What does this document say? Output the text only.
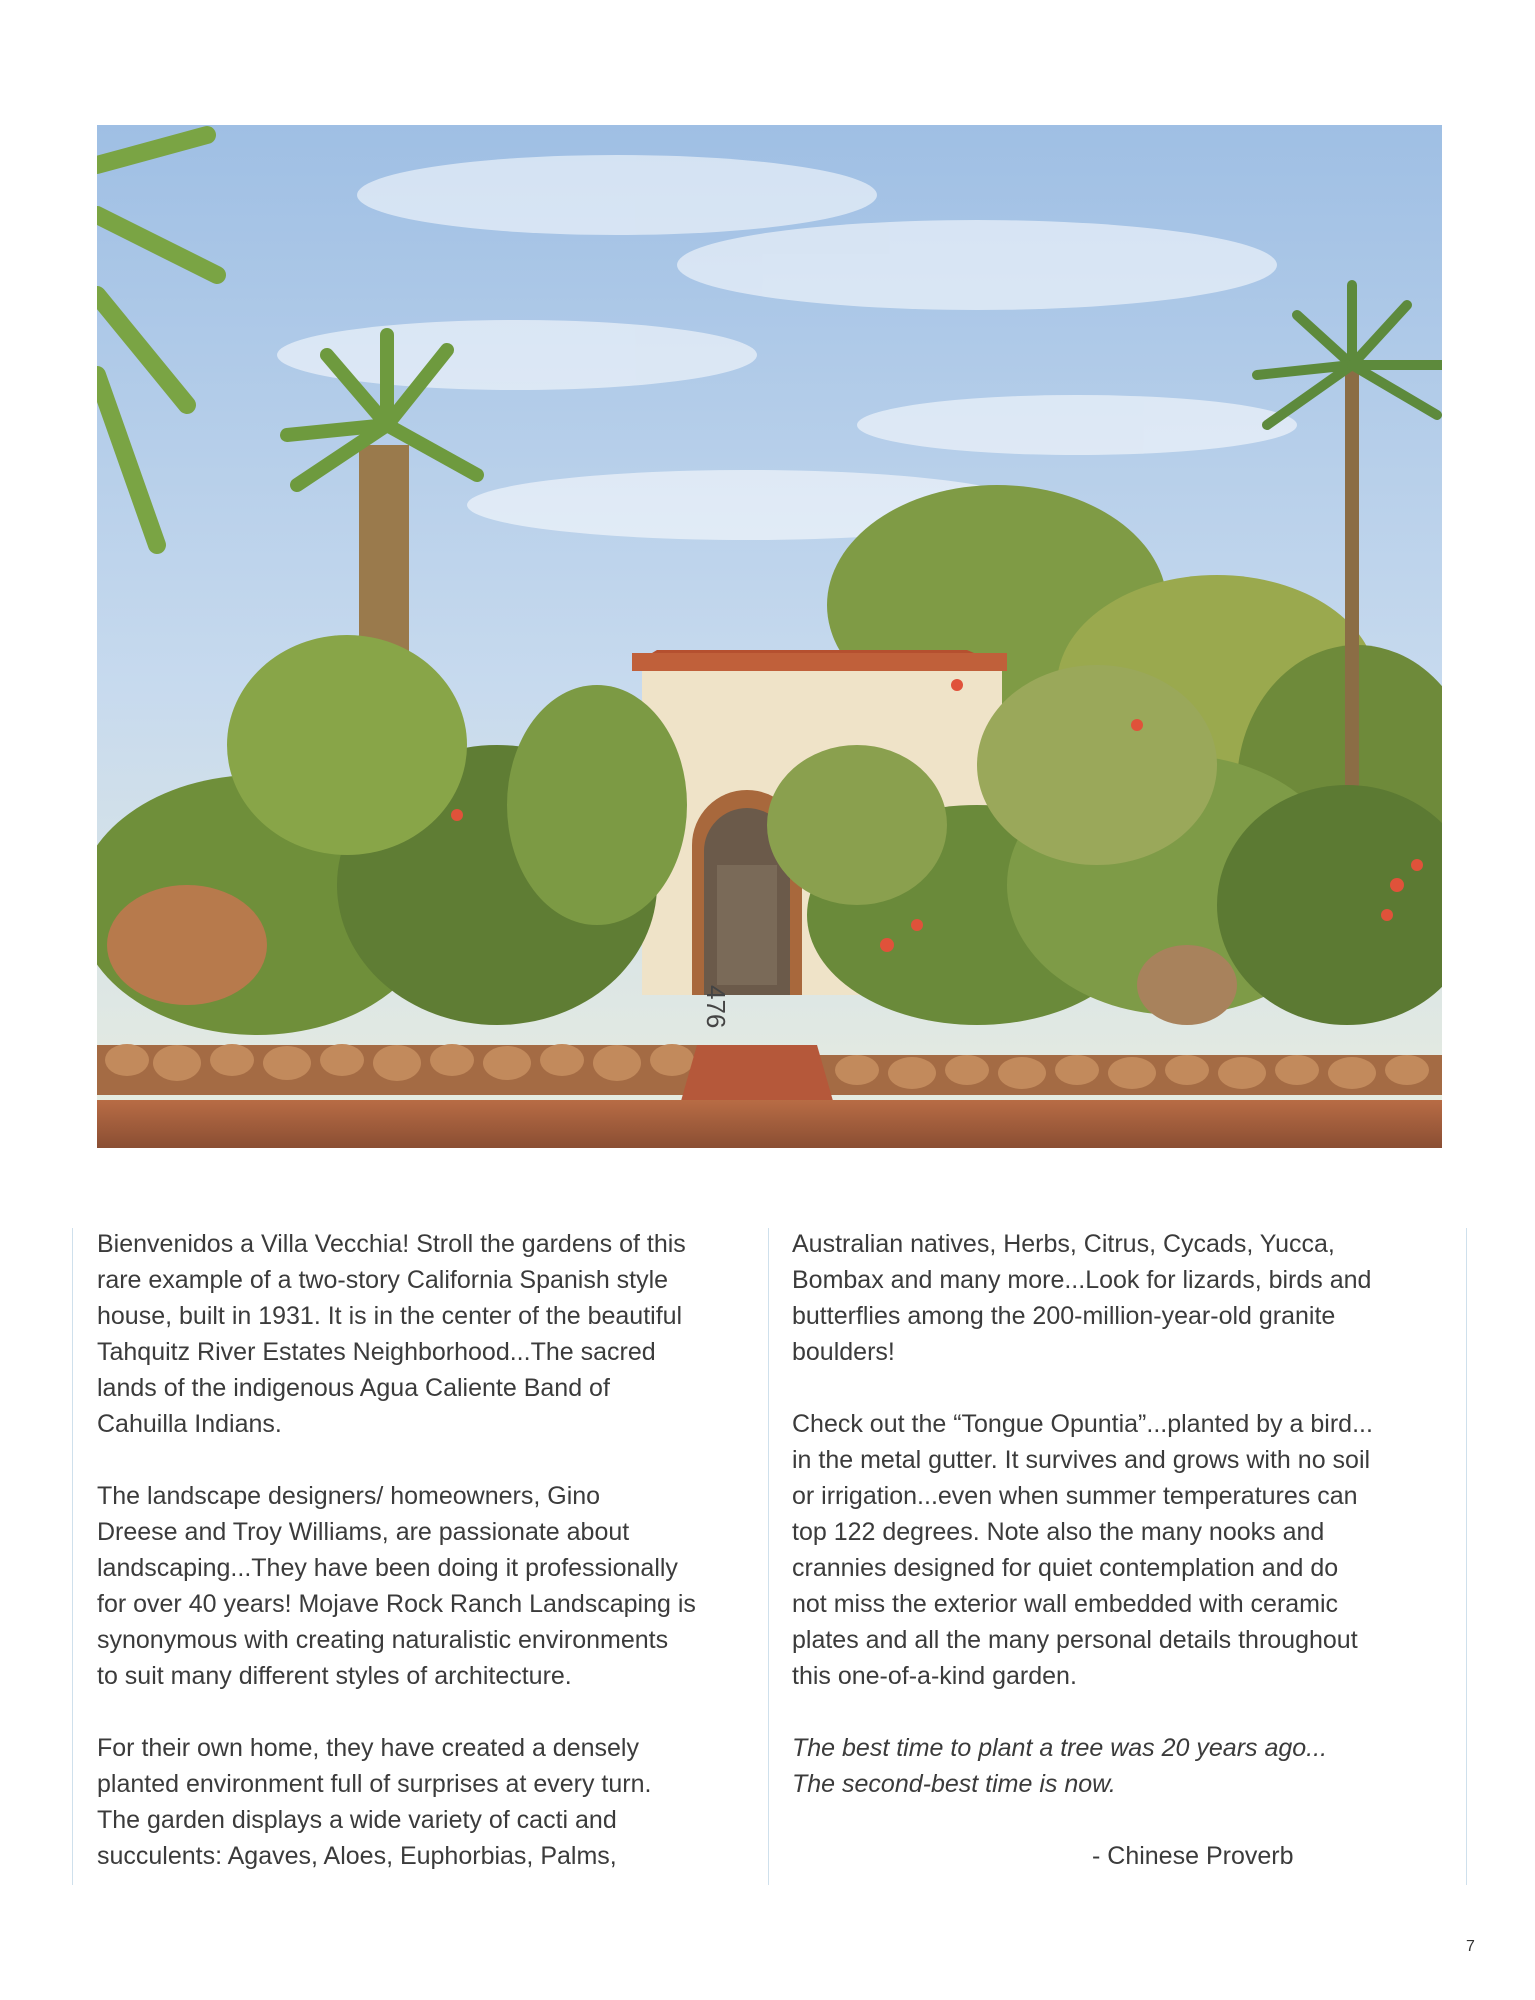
476

Bienvenidos a Villa Vecchia! Stroll the gardens of this
rare example of a two-story California Spanish style
house, built in 1931. It is in the center of the beautiful
Tahquitz River Estates Neighborhood...The sacred
lands of the indigenous Agua Caliente Band of
Cahuilla Indians.

The landscape designers/ homeowners, Gino
Dreese and Troy Williams, are passionate about
landscaping...They have been doing it professionally
for over 40 years! Mojave Rock Ranch Landscaping is
synonymous with creating naturalistic environments
to suit many different styles of architecture.

For their own home, they have created a densely
planted environment full of surprises at every turn.
The garden displays a wide variety of cacti and
succulents: Agaves, Aloes, Euphorbias, Palms,

Australian natives, Herbs, Citrus, Cycads, Yucca,
Bombax and many more...Look for lizards, birds and
butterflies among the 200-million-year-old granite
boulders!

Check out the “Tongue Opuntia”...planted by a bird...
in the metal gutter. It survives and grows with no soil
or irrigation...even when summer temperatures can
top 122 degrees. Note also the many nooks and
crannies designed for quiet contemplation and do
not miss the exterior wall embedded with ceramic
plates and all the many personal details throughout
this one-of-a-kind garden.

The best time to plant a tree was 20 years ago...
The second-best time is now.

- Chinese Proverb

7
